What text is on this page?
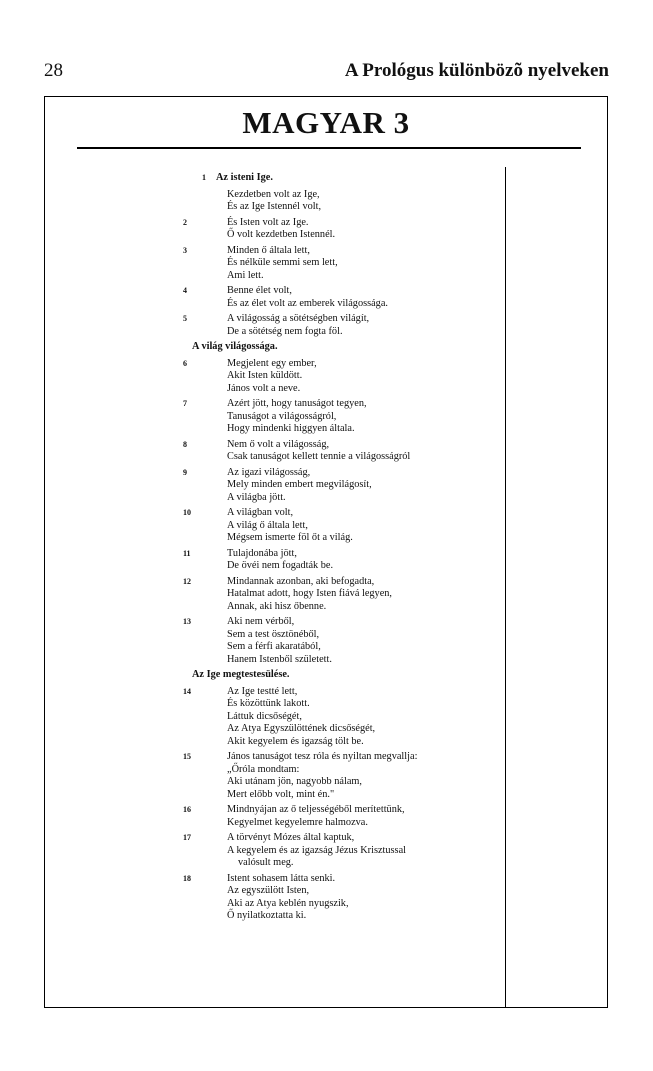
28	A Prológus különbözõ nyelveken
MAGYAR 3
1 Az isteni Ige.
Kezdetben volt az Ige,
És az Ige Istennél volt,
2	És Isten volt az Ige.
Ő volt kezdetben Istennél.
3	Minden ő általa lett,
És nélküle semmi sem lett,
Ami lett.
4	Benne élet volt,
És az élet volt az emberek világossága.
5	A világosság a sötétségben világít,
De a sötétség nem fogta föl.
A világ világossága.
6	Megjelent egy ember,
Akit Isten küldött.
János volt a neve.
7	Azért jött, hogy tanuságot tegyen,
Tanuságot a világosságról,
Hogy mindenki higgyen általa.
8	Nem ő volt a világosság,
Csak tanuságot kellett tennie a világosságról
9	Az igazi világosság,
Mely minden embert megvilágosít,
A világba jött.
10	A világban volt,
A világ ő általa lett,
Mégsem ismerte föl őt a világ.
11	Tulajdonába jött,
De övéi nem fogadták be.
12	Mindannak azonban, aki befogadta,
Hatalmat adott, hogy Isten fiává legyen,
Annak, aki hisz őbenne.
13	Aki nem vérből,
Sem a test ösztönéből,
Sem a férfi akaratából,
Hanem Istenből született.
Az Ige megtestesülése.
14	Az Ige testté lett,
És közöttünk lakott.
Láttuk dicsőségét,
Az Atya Egyszülöttének dicsőségét,
Akit kegyelem és igazság tölt be.
15	János tanuságot tesz róla és nyiltan megvallja:
„Őróla mondtam:
Aki utánam jön, nagyobb nálam,
Mert előbb volt, mint én."
16	Mindnyájan az ő teljességéből merítettünk,
Kegyelmet kegyelemre halmozva.
17	A törvényt Mózes által kaptuk,
A kegyelem és az igazság Jézus Krisztussal
valósult meg.
18	Istent sohasem látta senki.
Az egyszülött Isten,
Aki az Atya keblén nyugszik,
Ő nyilatkoztatta ki.
